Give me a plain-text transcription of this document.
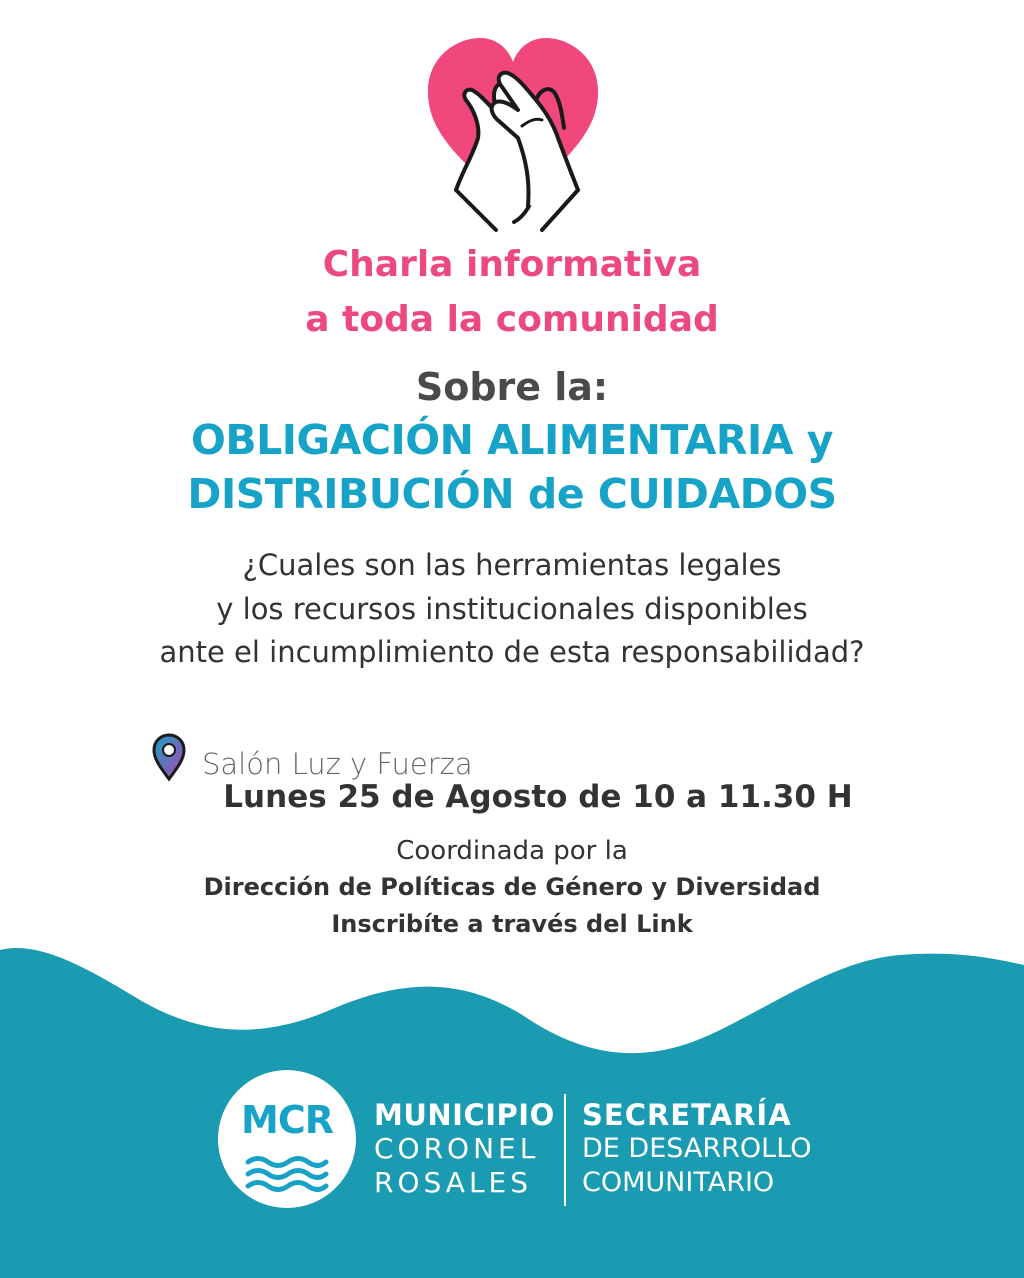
Charla informativa
a toda la comunidad
Sobre la:
OBLIGACIÓN ALIMENTARIA y
DISTRIBUCIÓN de CUIDADOS
¿Cuales son las herramientas legales
y los recursos institucionales disponibles
ante el incumplimiento de esta responsabilidad?
Salón Luz y Fuerza
Lunes 25 de Agosto de 10 a 11.30 H
Coordinada por la
Dirección de Políticas de Género y Diversidad
Inscribíte a través del Link
MCR	MUNICIPIO
CORONEL
ROSALES
SECRETARÍA
DE DESARROLLO
COMUNITARIO
